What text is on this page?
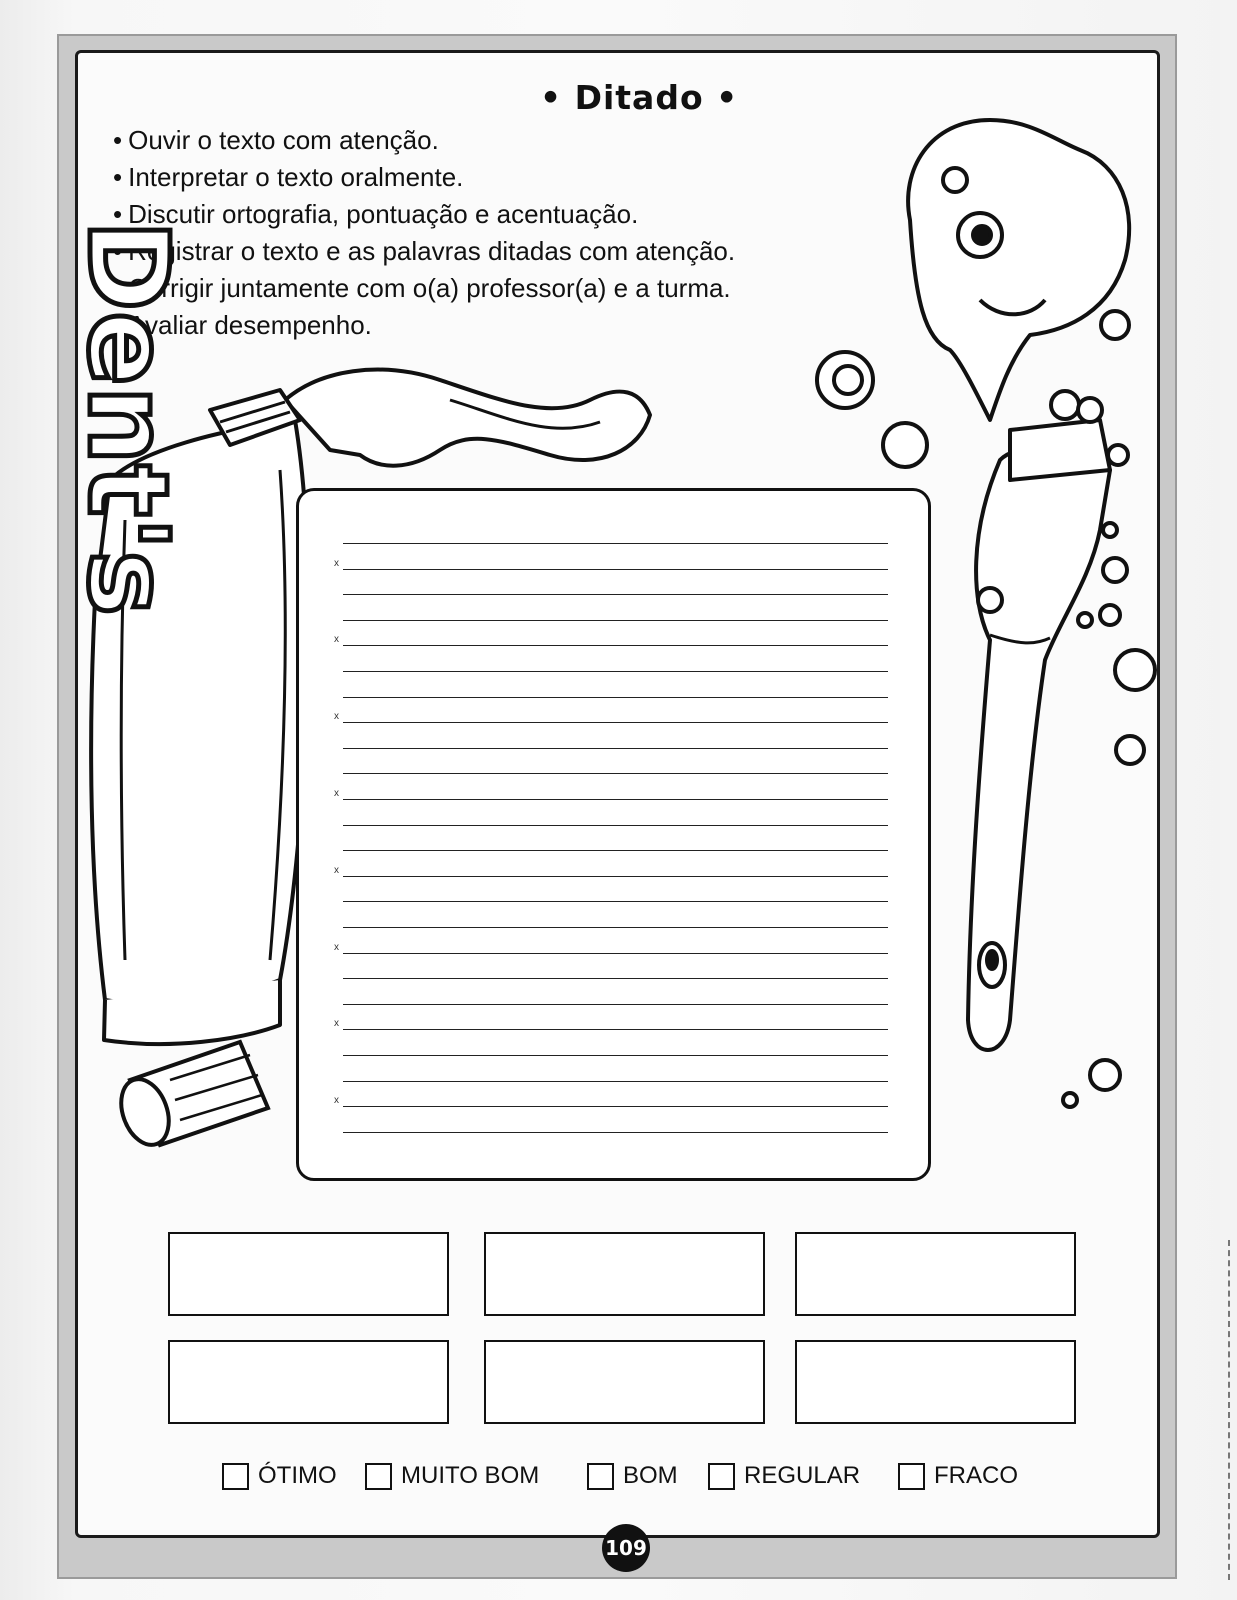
• Ditado •
• Ouvir o texto com atenção.
• Interpretar o texto oralmente.
• Discutir ortografia, pontuação e acentuação.
• Registrar o texto e as palavras ditadas com atenção.
• Corrigir juntamente com o(a) professor(a) e a turma.
• Avaliar desempenho.
Dent's	x
x
x
x
x
x
x
x
ÓTIMO	MUITO BOM	BOM	REGULAR	FRACO
109
